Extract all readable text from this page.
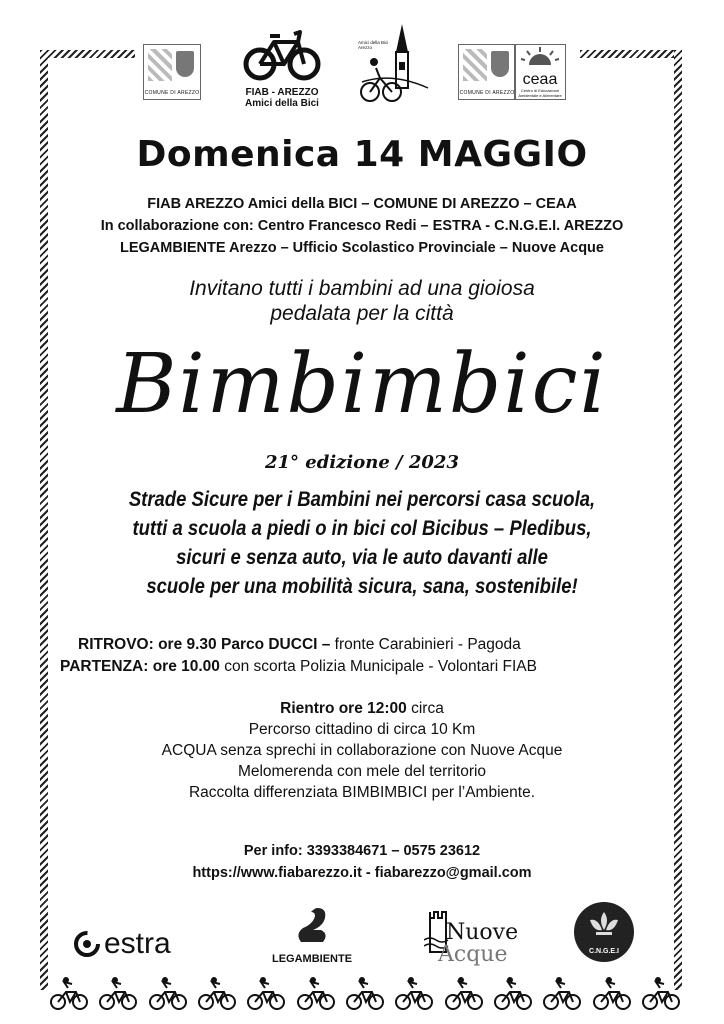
COMUNE DI AREZZO	FIAB - AREZZO
Amici della Bici
Amici della Bici Arezzo
COMUNE DI AREZZO
ceaa
Centro di Educazione Ambientale e Alimentare
Domenica 14 MAGGIO
FIAB AREZZO Amici della BICI – COMUNE DI AREZZO – CEAA
In collaborazione con: Centro Francesco Redi – ESTRA - C.N.G.E.I. AREZZO
LEGAMBIENTE Arezzo – Ufficio Scolastico Provinciale – Nuove Acque
Invitano tutti i bambini ad una gioiosa
pedalata per la città
Bimbimbici
21° edizione / 2023
Strade Sicure per i Bambini nei percorsi casa scuola,
tutti a scuola a piedi o in bici col Bicibus – Pledibus,
sicuri e senza auto, via le auto davanti alle
scuole per una mobilità sicura, sana, sostenibile!
RITROVO: ore 9.30 Parco DUCCI – fronte Carabinieri - Pagoda
PARTENZA: ore 10.00 con scorta Polizia Municipale - Volontari FIAB
Rientro ore 12:00 circa
Percorso cittadino di circa 10 Km
ACQUA senza sprechi in collaborazione con Nuove Acque
Melomerenda con mele del territorio
Raccolta differenziata BIMBIMBICI per l’Ambiente.
Per info: 3393384671 – 0575 23612
https://www.fiabarezzo.it - fiabarezzo@gmail.com
estra	LEGAMBIENTE
Nuove
Acque	C.N.G.E.I
